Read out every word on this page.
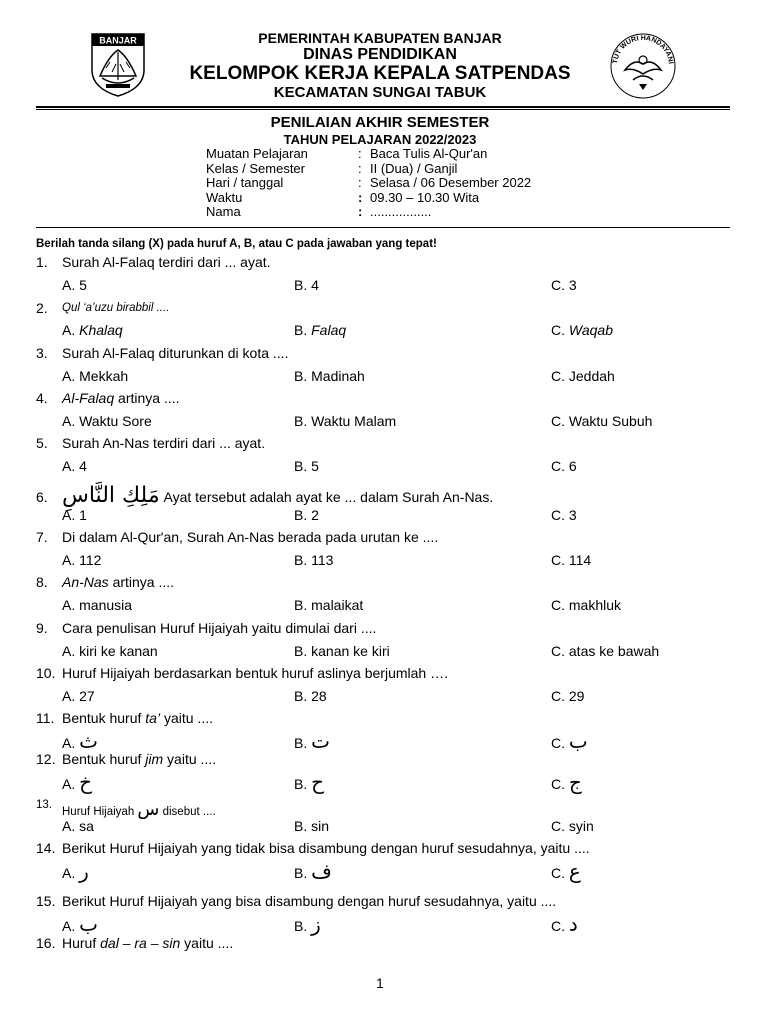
BANJAR	PEMERINTAH KABUPATEN BANJAR
DINAS PENDIDIKAN
KELOMPOK KERJA KEPALA SATPENDAS
KECAMATAN SUNGAI TABUK
TUT WURI HANDAYANI
PENILAIAN AKHIR SEMESTER
TAHUN PELAJARAN 2022/2023
Muatan Pelajaran	: Baca Tulis Al-Qur'an
Kelas / Semester	: II (Dua) / Ganjil
Hari / tanggal	: Selasa / 06 Desember 2022
Waktu	: 09.30 – 10.30 Wita
Nama	: .................
Berilah tanda silang (X) pada huruf A, B, atau C pada jawaban yang tepat!
1. Surah Al-Falaq terdiri dari ... ayat.
A. 5	B. 4	C. 3
2. Qul ‘a’uzu birabbil ....
A. Khalaq	B. Falaq	C. Waqab
3. Surah Al-Falaq diturunkan di kota ....
A. Mekkah	B. Madinah	C. Jeddah
4. Al-Falaq artinya ....
A. Waktu Sore	B. Waktu Malam	C. Waktu Subuh
5. Surah An-Nas terdiri dari ... ayat.
A. 4	B. 5	C. 6
6. مَلِكِ النَّاسِ Ayat tersebut adalah ayat ke ... dalam Surah An-Nas.
A. 1	B. 2	C. 3
7. Di dalam Al-Qur'an, Surah An-Nas berada pada urutan ke ....
A. 112	B. 113	C. 114
8. An-Nas artinya ....
A. manusia	B. malaikat	C. makhluk
9. Cara penulisan Huruf Hijaiyah yaitu dimulai dari ....
A. kiri ke kanan	B. kanan ke kiri	C. atas ke bawah
10. Huruf Hijaiyah berdasarkan bentuk huruf aslinya berjumlah ….
A. 27	B. 28	C. 29
11. Bentuk huruf ta’ yaitu ....
A. ث	B. ت	C. ب
12. Bentuk huruf jim yaitu ....
A. خ	B. ح	C. ج
13.
Huruf Hijaiyah س disebut ....
A. sa	B. sin	C. syin
14. Berikut Huruf Hijaiyah yang tidak bisa disambung dengan huruf sesudahnya, yaitu ....
A. ر	B. ف	C. ع
15. Berikut Huruf Hijaiyah yang bisa disambung dengan huruf sesudahnya, yaitu ....
A. ب	B. ز	C. د
16. Huruf dal – ra – sin yaitu ....
1
